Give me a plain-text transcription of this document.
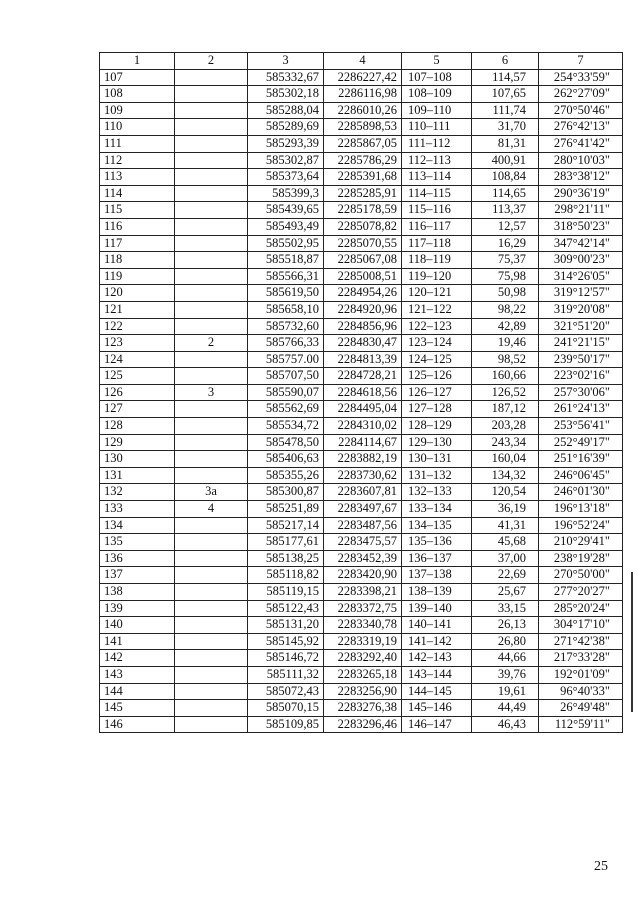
1	2	3	4	5	6	7
107		585332,67	2286227,42	107–108	114,57	254°33'59"
108		585302,18	2286116,98	108–109	107,65	262°27'09"
109		585288,04	2286010,26	109–110	111,74	270°50'46"
110		585289,69	2285898,53	110–111	31,70	276°42'13"
111		585293,39	2285867,05	111–112	81,31	276°41'42"
112		585302,87	2285786,29	112–113	400,91	280°10'03"
113		585373,64	2285391,68	113–114	108,84	283°38'12"
114		585399,3	2285285,91	114–115	114,65	290°36'19"
115		585439,65	2285178,59	115–116	113,37	298°21'11"
116		585493,49	2285078,82	116–117	12,57	318°50'23"
117		585502,95	2285070,55	117–118	16,29	347°42'14"
118		585518,87	2285067,08	118–119	75,37	309°00'23"
119		585566,31	2285008,51	119–120	75,98	314°26'05"
120		585619,50	2284954,26	120–121	50,98	319°12'57"
121		585658,10	2284920,96	121–122	98,22	319°20'08"
122		585732,60	2284856,96	122–123	42,89	321°51'20"
123	2	585766,33	2284830,47	123–124	19,46	241°21'15"
124		585757.00	2284813,39	124–125	98,52	239°50'17"
125		585707,50	2284728,21	125–126	160,66	223°02'16"
126	3	585590,07	2284618,56	126–127	126,52	257°30'06"
127		585562,69	2284495,04	127–128	187,12	261°24'13"
128		585534,72	2284310,02	128–129	203,28	253°56'41"
129		585478,50	2284114,67	129–130	243,34	252°49'17"
130		585406,63	2283882,19	130–131	160,04	251°16'39"
131		585355,26	2283730,62	131–132	134,32	246°06'45"
132	3а	585300,87	2283607,81	132–133	120,54	246°01'30"
133	4	585251,89	2283497,67	133–134	36,19	196°13'18"
134		585217,14	2283487,56	134–135	41,31	196°52'24"
135		585177,61	2283475,57	135–136	45,68	210°29'41"
136		585138,25	2283452,39	136–137	37,00	238°19'28"
137		585118,82	2283420,90	137–138	22,69	270°50'00"
138		585119,15	2283398,21	138–139	25,67	277°20'27"
139		585122,43	2283372,75	139–140	33,15	285°20'24"
140		585131,20	2283340,78	140–141	26,13	304°17'10"
141		585145,92	2283319,19	141–142	26,80	271°42'38"
142		585146,72	2283292,40	142–143	44,66	217°33'28"
143		585111,32	2283265,18	143–144	39,76	192°01'09"
144		585072,43	2283256,90	144–145	19,61	96°40'33"
145		585070,15	2283276,38	145–146	44,49	26°49'48"
146		585109,85	2283296,46	146–147	46,43	112°59'11"
25
